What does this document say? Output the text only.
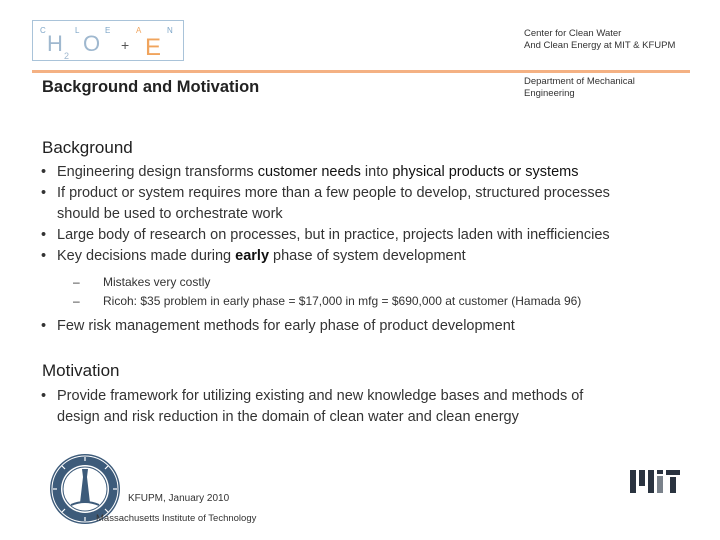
C	L
H 2 O
E
+
A
E
N	Center for Clean Water
And Clean Energy at MIT & KFUPM
Background and Motivation	Department of Mechanical
Engineering
Background
• Engineering design transforms customer needs into physical products or systems
• If product or system requires more than a few people to develop, structured processes
should be used to orchestrate work
• Large body of research on processes, but in practice, projects laden with inefficiencies
• Key decisions made during early phase of system development
– Mistakes very costly
– Ricoh: $35 problem in early phase = $17,000 in mfg = $690,000 at customer (Hamada 96)
• Few risk management methods for early phase of product development
Motivation
• Provide framework for utilizing existing and new knowledge bases and methods of
design and risk reduction in the domain of clean water and clean energy
KFUPM, January 2010
Massachusetts Institute of Technology
